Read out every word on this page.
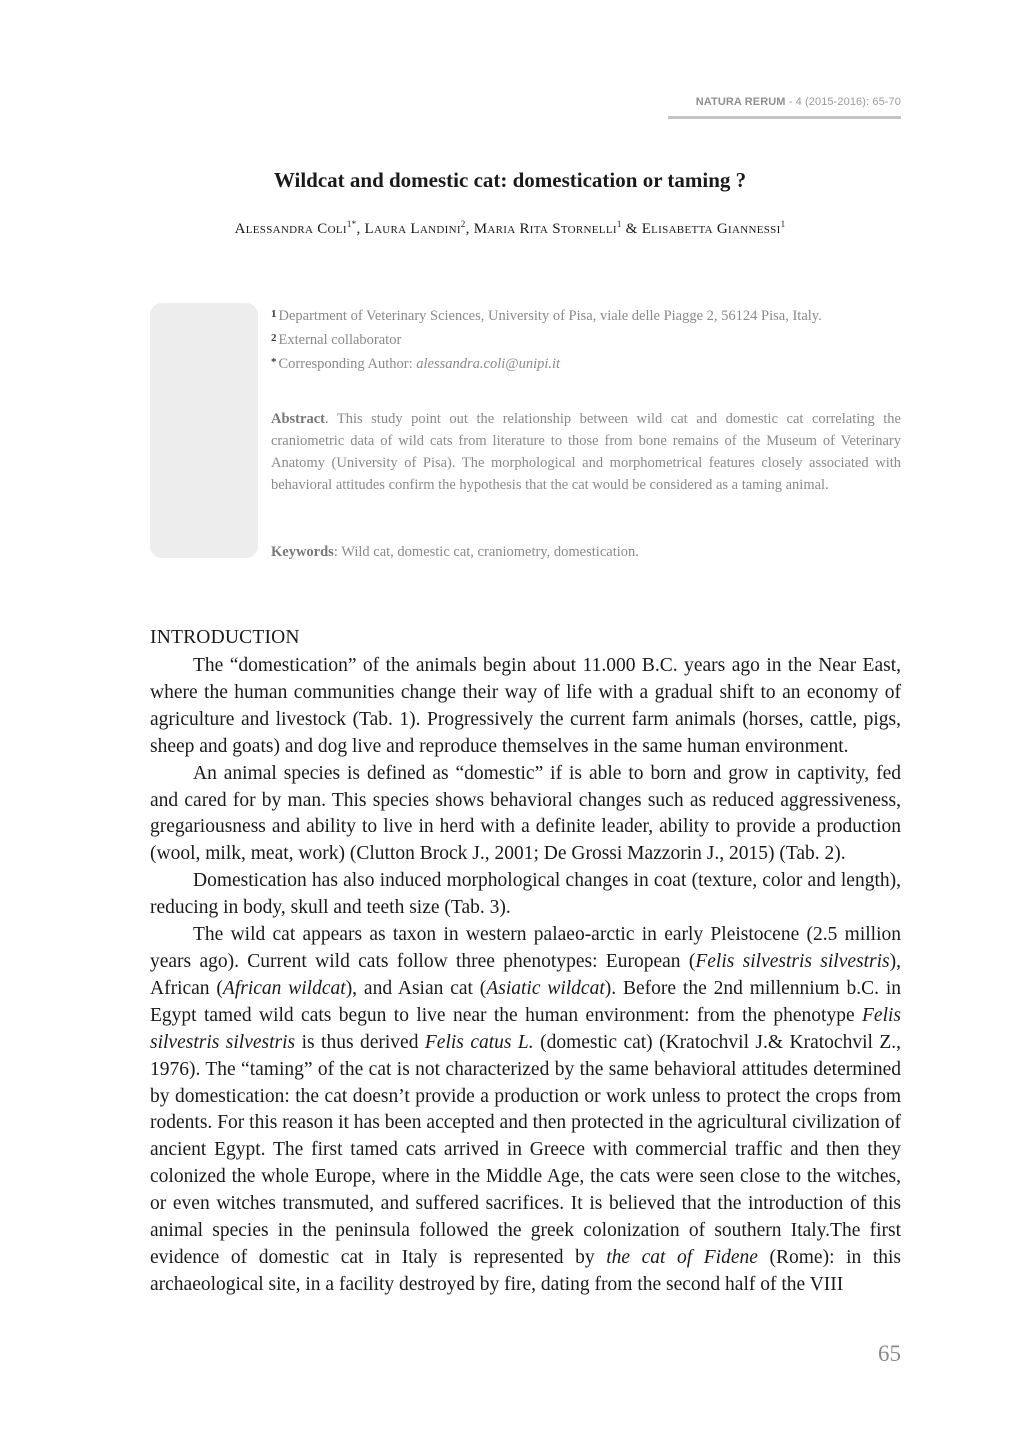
NATURA RERUM - 4 (2015-2016): 65-70
Wildcat and domestic cat: domestication or taming ?
Alessandra Coli$^{1*}$, Laura Landini$^2$, Maria Rita Stornelli$^1$ & Elisabetta Giannessi$^1$
$^1$ Department of Veterinary Sciences, University of Pisa, viale delle Piagge 2, 56124 Pisa, Italy.
$^2$ External collaborator
* Corresponding Author: alessandra.coli@unipi.it
Abstract. This study point out the relationship between wild cat and domestic cat correlating the craniometric data of wild cats from literature to those from bone remains of the Museum of Veterinary Anatomy (University of Pisa). The morphological and morphometrical features closely associated with behavioral attitudes confirm the hypothesis that the cat would be considered as a taming animal.
Keywords: Wild cat, domestic cat, craniometry, domestication.
INTRODUCTION

The “domestication” of the animals begin about 11.000 B.C. years ago in the Near East, where the human communities change their way of life with a gradual shift to an economy of agriculture and livestock (Tab. 1). Progressively the current farm animals (horses, cattle, pigs, sheep and goats) and dog live and reproduce themselves in the same human environment.

An animal species is defined as “domestic” if is able to born and grow in captivity, fed and cared for by man. This species shows behavioral changes such as reduced aggressiveness, gregariousness and ability to live in herd with a definite leader, ability to provide a production (wool, milk, meat, work) (Clutton Brock J., 2001; De Grossi Mazzorin J., 2015) (Tab. 2).

Domestication has also induced morphological changes in coat (texture, color and length), reducing in body, skull and teeth size (Tab. 3).

The wild cat appears as taxon in western palaeo-arctic in early Pleistocene (2.5 million years ago). Current wild cats follow three phenotypes: European (Felis silvestris silvestris), African (African wildcat), and Asian cat (Asiatic wildcat). Before the 2nd millennium b.C. in Egypt tamed wild cats begun to live near the human environment: from the phenotype Felis silvestris silvestris is thus derived Felis catus L. (domestic cat) (Kratochvil J.& Kratochvil Z., 1976). The “taming” of the cat is not characterized by the same behavioral attitudes determined by domestication: the cat doesn’t provide a production or work unless to protect the crops from rodents. For this reason it has been accepted and then protected in the agricultural civilization of ancient Egypt. The first tamed cats arrived in Greece with commercial traffic and then they colonized the whole Europe, where in the Middle Age, the cats were seen close to the witches, or even witches transmuted, and suffered sacrifices. It is believed that the introduction of this animal species in the peninsula followed the greek colonization of southern Italy.The first evidence of domestic cat in Italy is represented by the cat of Fidene (Rome): in this archaeological site, in a facility destroyed by fire, dating from the second half of the VIII

65
